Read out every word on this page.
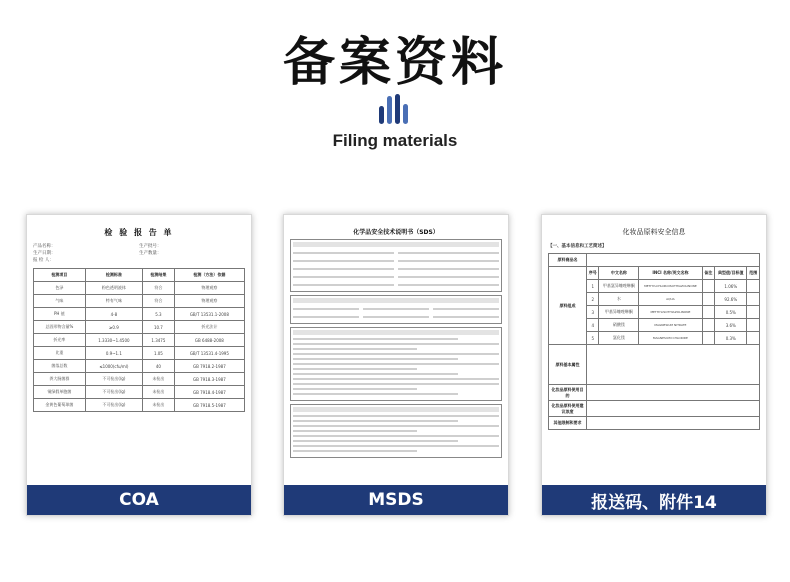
备案资料
Filing materials
检 验 报 告 单
产品名称：	生产批号：
生产日期：	生产数量：
报 检 人：
检测项目	检测标准	检测结果	检测（方法）依据
色泽	粉色透明液体	符合	物理观察
气味	特有气味	符合	物理观察
PH 值	4-8	5.3	GB/T 13531.1-2008
总固形物含量%	≥0.9	10.7	折光法计
折光率	1.3330~1.4500	1.3475	GB 6488-2008
比重	0.9~1.1	1.05	GB/T 13531.4-1995
菌落总数	≤1000(cfu/ml)	40	GB 7918.2-1987
粪大肠菌群	不可检出(/g)	未检出	GB 7918.3-1987
铜绿假单胞菌	不可检出(/g)	未检出	GB 7918.4-1987
金黄色葡萄球菌	不可检出(/g)	未检出	GB 7918.5-1987
COA
化学品安全技术说明书（SDS）
MSDS
化妆品原料安全信息
【一、基本信息和工艺简述】
原料商品名						
原料组成	序号	中文名称	INCI 名称/英文名称	备注	典型值/目标值	范围
	1	甲基氯异噻唑啉酮	METHYLCHLOROISOTHIAZOLINONE		1.06%	
	2	水	AQUA		92.6%	
	3	甲基异噻唑啉酮	METHYLISOTHIAZOLINONE		0.5%	
	4	硝酸镁	MAGNESIUM NITRATE		3.6%	
	5	氯化镁	MAGNESIUM CHLORIDE		0.3%	
原料基本属性						
化妆品原料使用目的						
化妆品原料使用建议浓度						
其他限制和要求						
报送码、附件14
